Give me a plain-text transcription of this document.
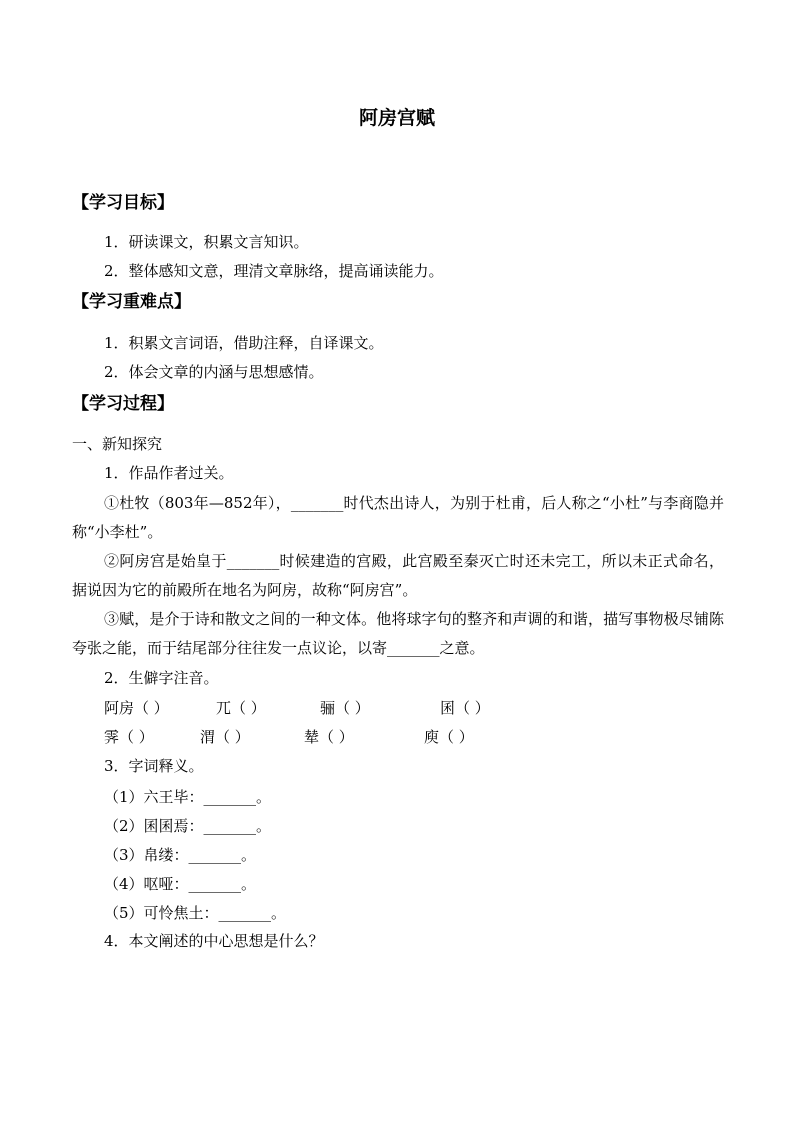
阿房宫赋
【学习目标】
1．研读课文，积累文言知识。
2．整体感知文意，理清文章脉络，提高诵读能力。
【学习重难点】
1．积累文言词语，借助注释，自译课文。
2．体会文章的内涵与思想感情。
【学习过程】
一、新知探究
1．作品作者过关。
①杜牧（803年—852年），_______时代杰出诗人，为别于杜甫，后人称之“小杜”与李商隐并称“小李杜”。
②阿房宫是始皇于_______时候建造的宫殿，此宫殿至秦灭亡时还未完工，所以未正式命名，据说因为它的前殿所在地名为阿房，故称“阿房宫”。
③赋，是介于诗和散文之间的一种文体。他将球字句的整齐和声调的和谐，描写事物极尽铺陈夸张之能，而于结尾部分往往发一点议论，以寄_______之意。
2．生僻字注音。
阿房（ ）	兀（ ）	骊（ ）	囷（ ）
霁（ ）	渭（ ）	辇（ ）	庾（ ）
3．字词释义。
（1）六王毕：_______。
（2）囷囷焉：_______。
（3）帛缕：_______。
（4）呕哑：_______。
（5）可怜焦土：_______。
4．本文阐述的中心思想是什么？
